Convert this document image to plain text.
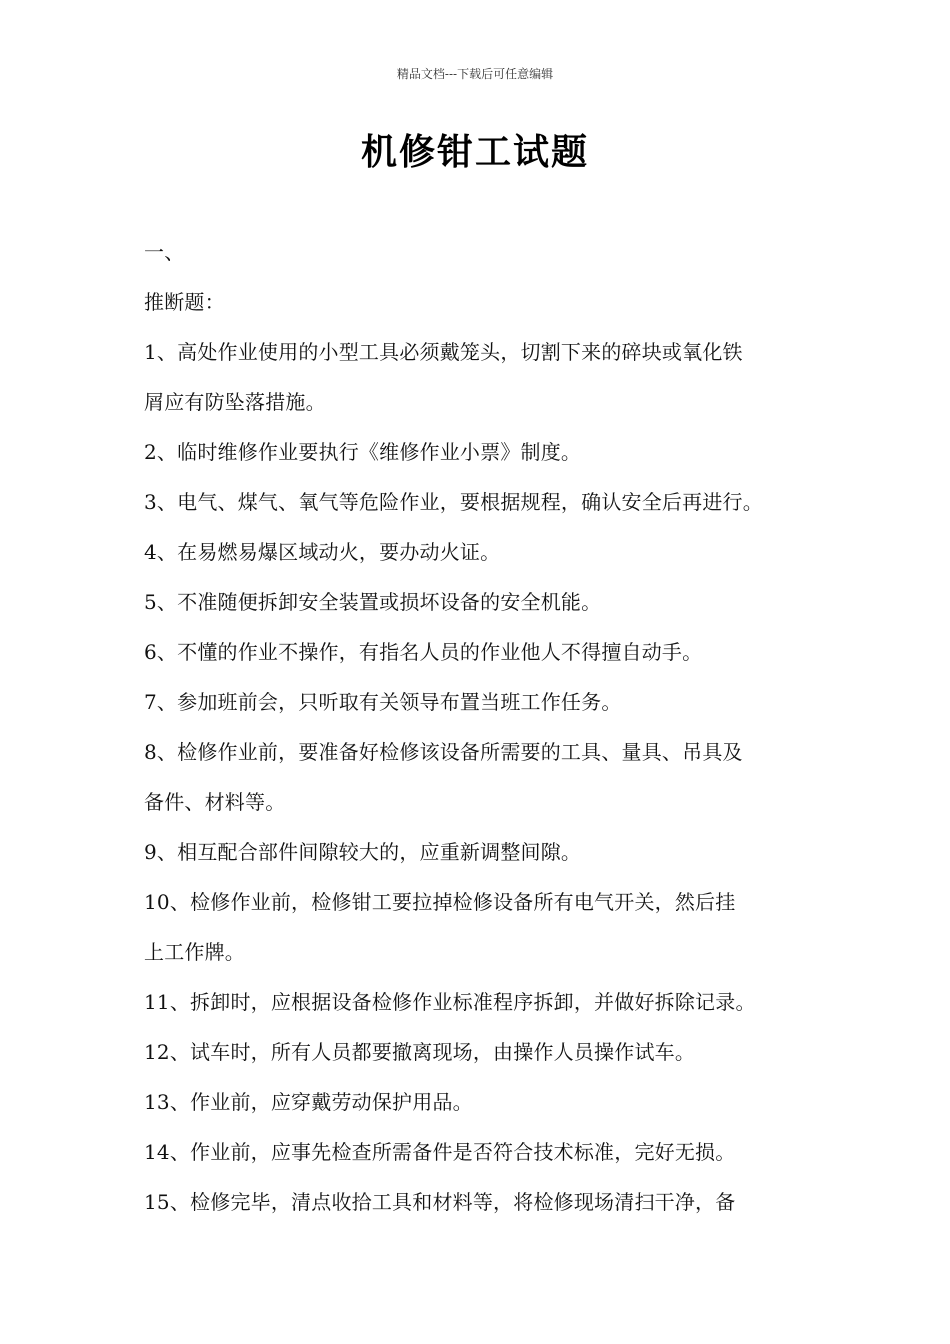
精品文档---下载后可任意编辑
机修钳工试题
一、
推断题：
1、高处作业使用的小型工具必须戴笼头，切割下来的碎块或氧化铁
屑应有防坠落措施。
2、临时维修作业要执行《维修作业小票》制度。
3、电气、煤气、氧气等危险作业，要根据规程，确认安全后再进行。
4、在易燃易爆区域动火，要办动火证。
5、不准随便拆卸安全装置或损坏设备的安全机能。
6、不懂的作业不操作，有指名人员的作业他人不得擅自动手。
7、参加班前会，只听取有关领导布置当班工作任务。
8、检修作业前，要准备好检修该设备所需要的工具、量具、吊具及
备件、材料等。
9、相互配合部件间隙较大的，应重新调整间隙。
10、检修作业前，检修钳工要拉掉检修设备所有电气开关，然后挂
上工作牌。
11、拆卸时，应根据设备检修作业标准程序拆卸，并做好拆除记录。
12、试车时，所有人员都要撤离现场，由操作人员操作试车。
13、作业前，应穿戴劳动保护用品。
14、作业前，应事先检查所需备件是否符合技术标准，完好无损。
15、检修完毕，清点收拾工具和材料等，将检修现场清扫干净，备
